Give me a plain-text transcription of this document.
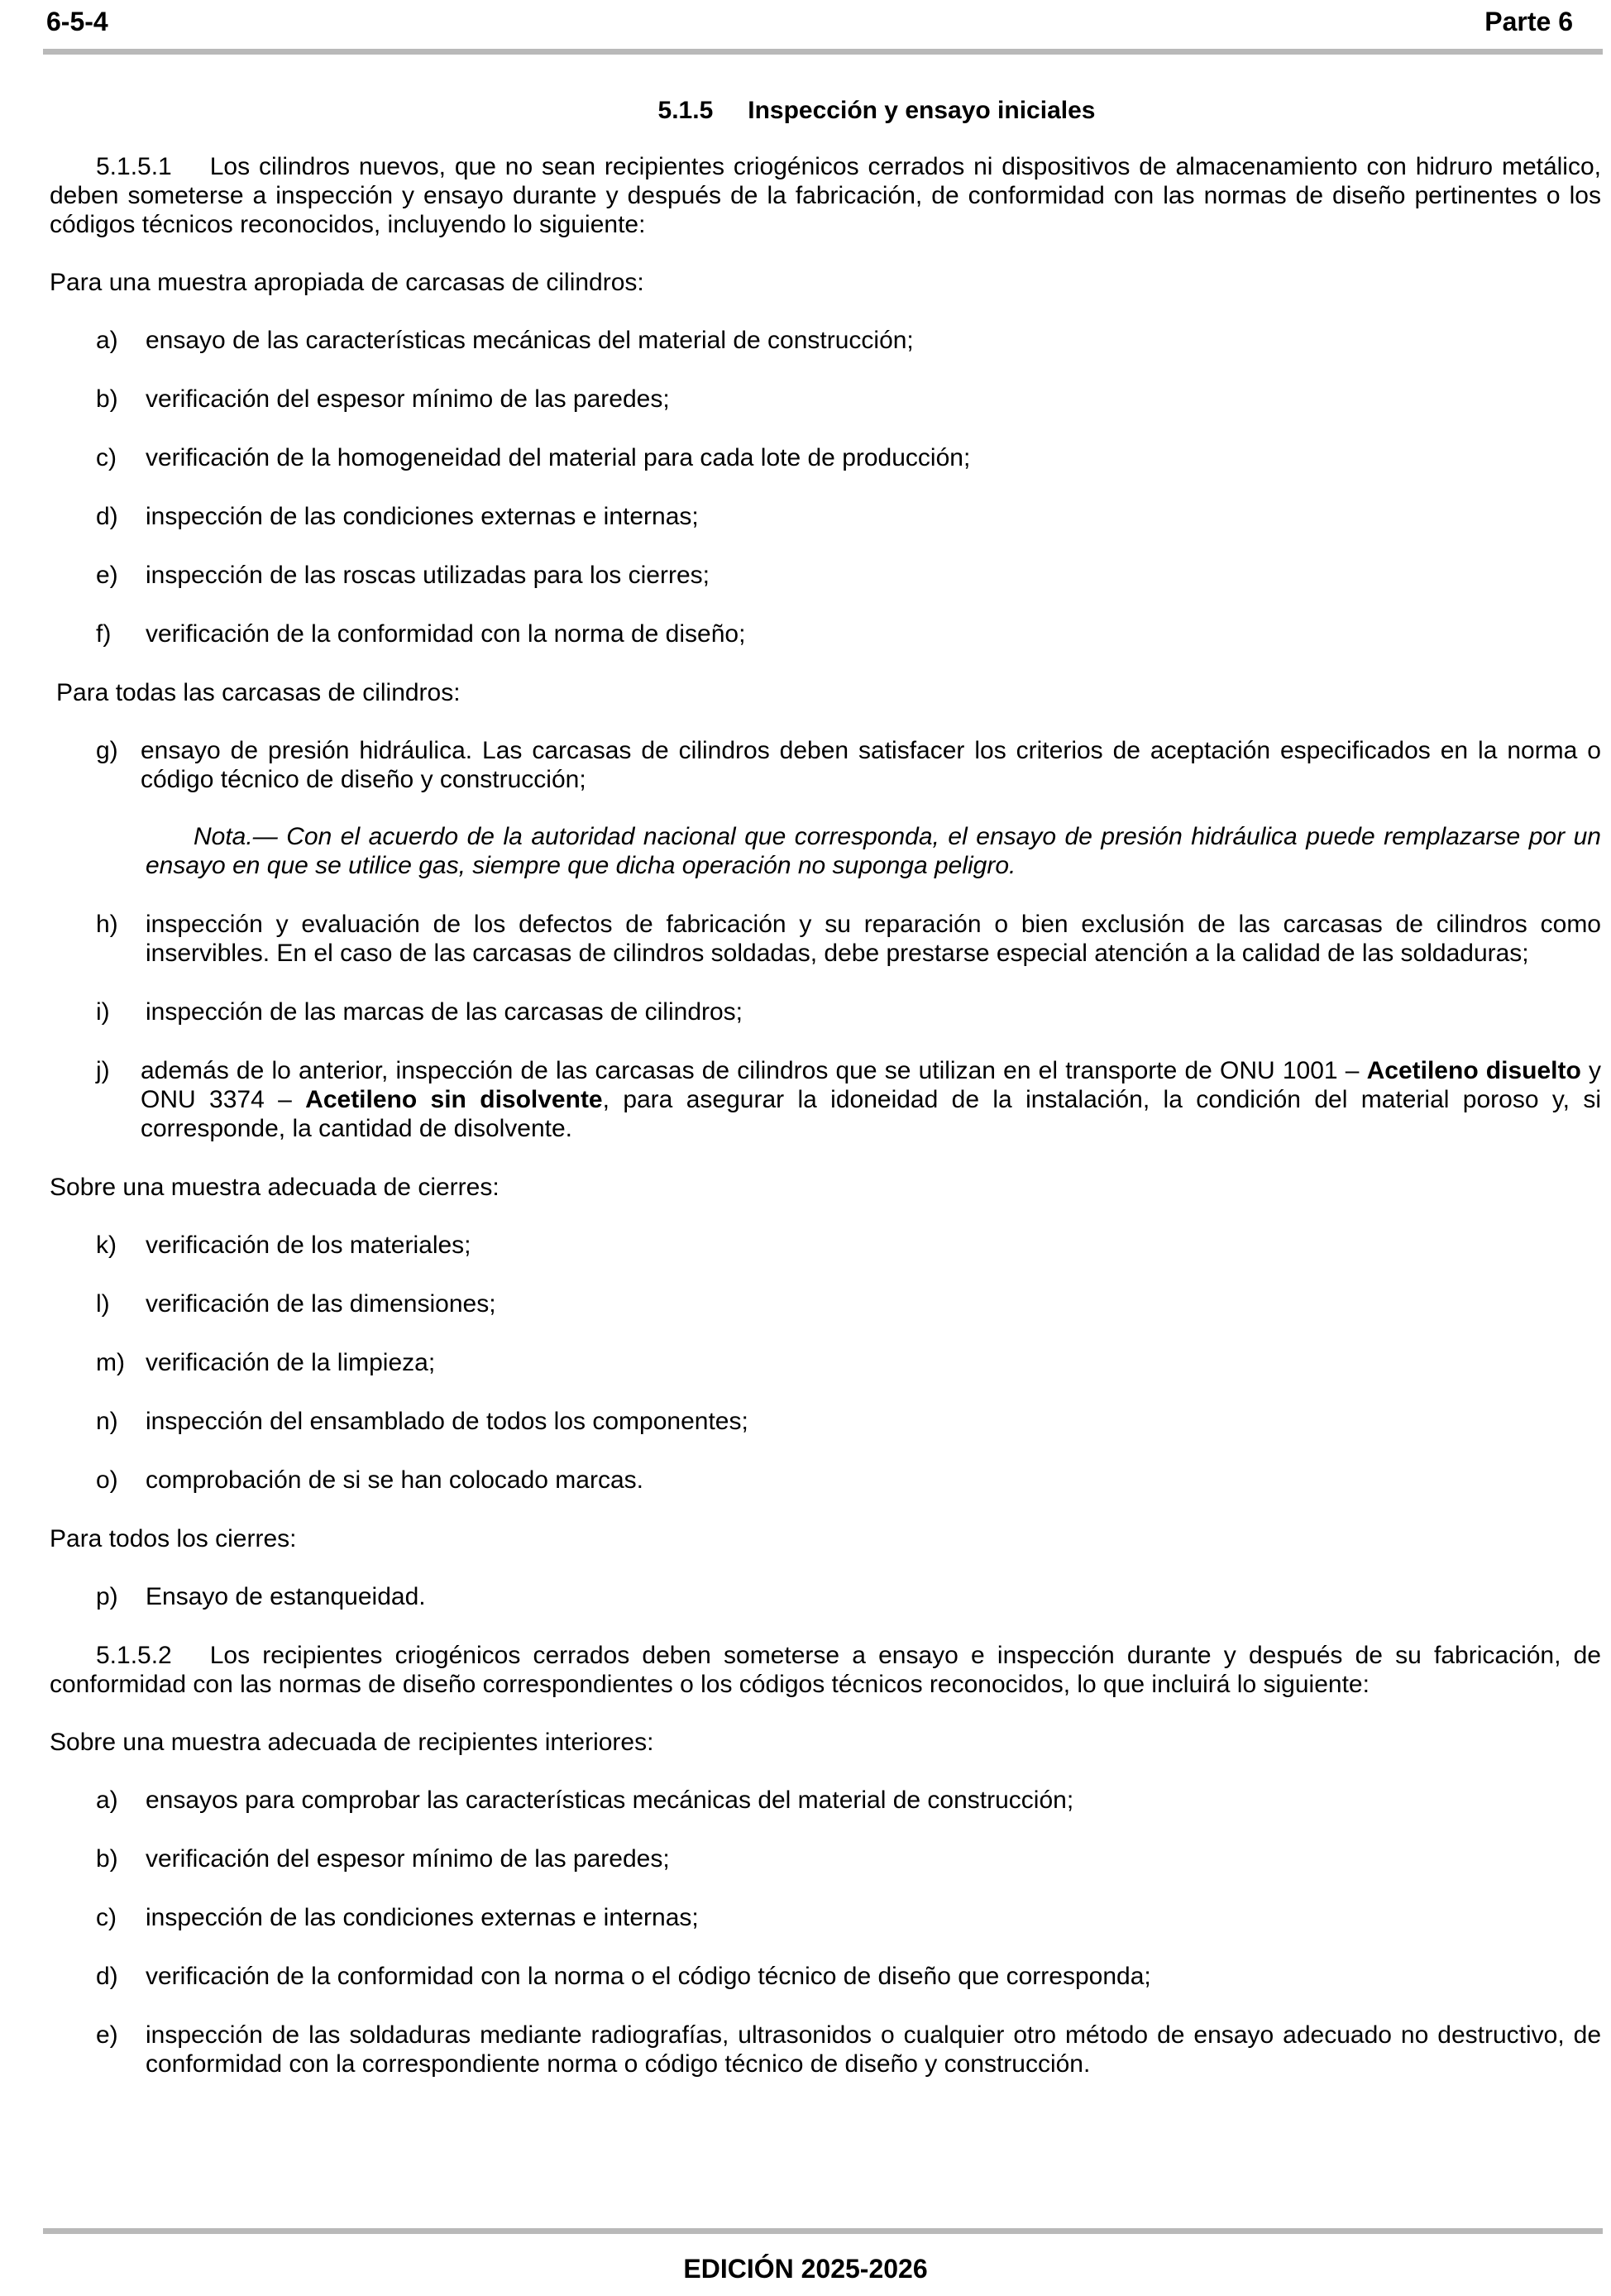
6-5-4	Parte 6
5.1.5 Inspección y ensayo iniciales

5.1.5.1 Los cilindros nuevos, que no sean recipientes criogénicos cerrados ni dispositivos de almacenamiento con hidruro metálico, deben someterse a inspección y ensayo durante y después de la fabricación, de conformidad con las normas de diseño pertinentes o los códigos técnicos reconocidos, incluyendo lo siguiente:

Para una muestra apropiada de carcasas de cilindros:

a) ensayo de las características mecánicas del material de construcción;
b) verificación del espesor mínimo de las paredes;
c) verificación de la homogeneidad del material para cada lote de producción;
d) inspección de las condiciones externas e internas;
e) inspección de las roscas utilizadas para los cierres;
f) verificación de la conformidad con la norma de diseño;

Para todas las carcasas de cilindros:

g) ensayo de presión hidráulica. Las carcasas de cilindros deben satisfacer los criterios de aceptación especificados en la norma o código técnico de diseño y construcción;

Nota.— Con el acuerdo de la autoridad nacional que corresponda, el ensayo de presión hidráulica puede remplazarse por un ensayo en que se utilice gas, siempre que dicha operación no suponga peligro.

h) inspección y evaluación de los defectos de fabricación y su reparación o bien exclusión de las carcasas de cilindros como inservibles. En el caso de las carcasas de cilindros soldadas, debe prestarse especial atención a la calidad de las soldaduras;
i) inspección de las marcas de las carcasas de cilindros;
j) además de lo anterior, inspección de las carcasas de cilindros que se utilizan en el transporte de ONU 1001 – Acetileno disuelto y ONU 3374 – Acetileno sin disolvente, para asegurar la idoneidad de la instalación, la condición del material poroso y, si corresponde, la cantidad de disolvente.

Sobre una muestra adecuada de cierres:

k) verificación de los materiales;
l) verificación de las dimensiones;
m) verificación de la limpieza;
n) inspección del ensamblado de todos los componentes;
o) comprobación de si se han colocado marcas.

Para todos los cierres:

p) Ensayo de estanqueidad.

5.1.5.2 Los recipientes criogénicos cerrados deben someterse a ensayo e inspección durante y después de su fabricación, de conformidad con las normas de diseño correspondientes o los códigos técnicos reconocidos, lo que incluirá lo siguiente:

Sobre una muestra adecuada de recipientes interiores:

a) ensayos para comprobar las características mecánicas del material de construcción;
b) verificación del espesor mínimo de las paredes;
c) inspección de las condiciones externas e internas;
d) verificación de la conformidad con la norma o el código técnico de diseño que corresponda;
e) inspección de las soldaduras mediante radiografías, ultrasonidos o cualquier otro método de ensayo adecuado no destructivo, de conformidad con la correspondiente norma o código técnico de diseño y construcción.
EDICIÓN 2025-2026
